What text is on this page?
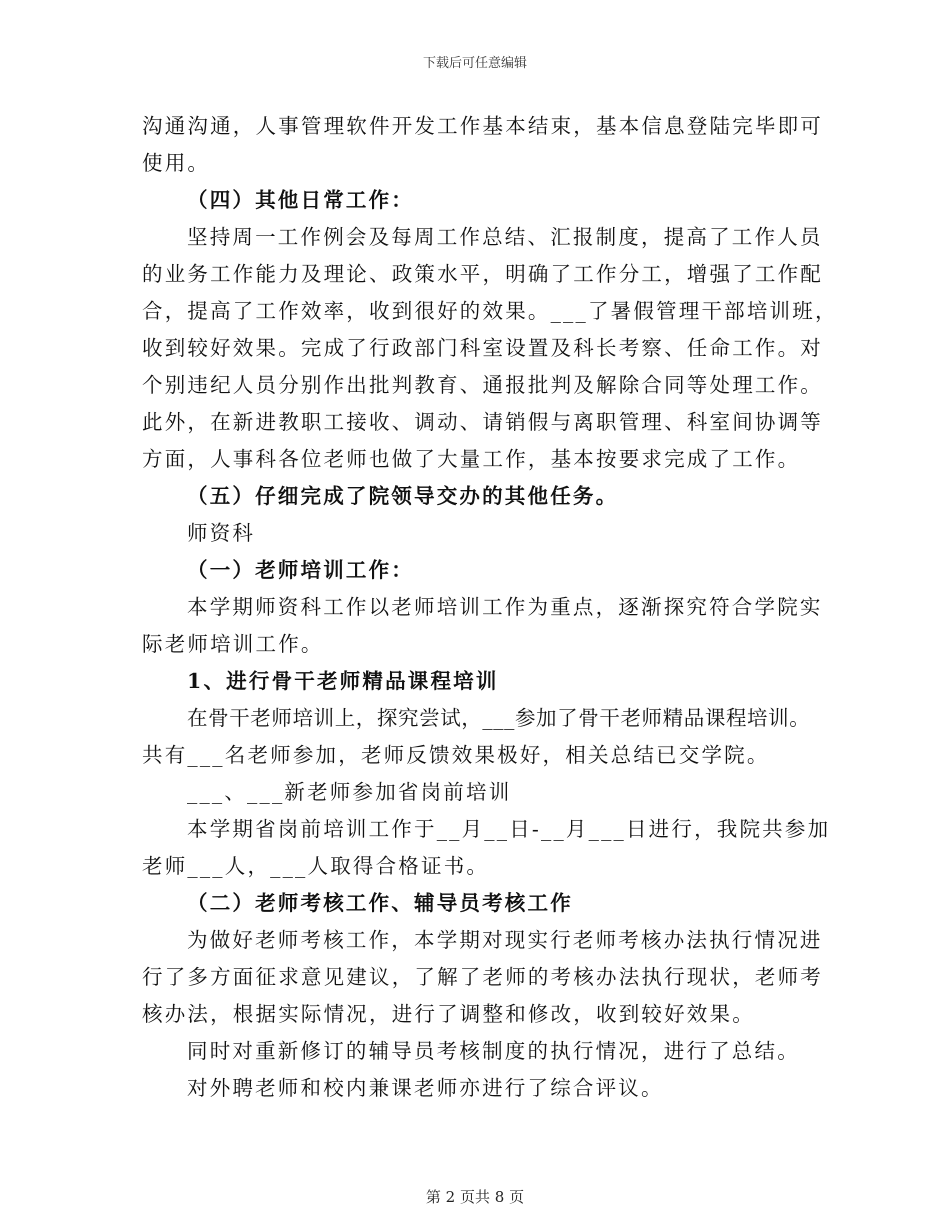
下载后可任意编辑
沟通沟通，人事管理软件开发工作基本结束，基本信息登陆完毕即可
使用。
（四）其他日常工作：
坚持周一工作例会及每周工作总结、汇报制度，提高了工作人员
的业务工作能力及理论、政策水平，明确了工作分工，增强了工作配
合，提高了工作效率，收到很好的效果。___了暑假管理干部培训班，
收到较好效果。完成了行政部门科室设置及科长考察、任命工作。对
个别违纪人员分别作出批判教育、通报批判及解除合同等处理工作。
此外，在新进教职工接收、调动、请销假与离职管理、科室间协调等
方面，人事科各位老师也做了大量工作，基本按要求完成了工作。
（五）仔细完成了院领导交办的其他任务。
师资科
（一）老师培训工作：
本学期师资科工作以老师培训工作为重点，逐渐探究符合学院实
际老师培训工作。
1、进行骨干老师精品课程培训
在骨干老师培训上，探究尝试，___参加了骨干老师精品课程培训。
共有___名老师参加，老师反馈效果极好，相关总结已交学院。
___、___新老师参加省岗前培训
本学期省岗前培训工作于__月__日-__月___日进行，我院共参加
老师___人，___人取得合格证书。
（二）老师考核工作、辅导员考核工作
为做好老师考核工作，本学期对现实行老师考核办法执行情况进
行了多方面征求意见建议，了解了老师的考核办法执行现状，老师考
核办法，根据实际情况，进行了调整和修改，收到较好效果。
同时对重新修订的辅导员考核制度的执行情况，进行了总结。
对外聘老师和校内兼课老师亦进行了综合评议。
第 2 页共 8 页
